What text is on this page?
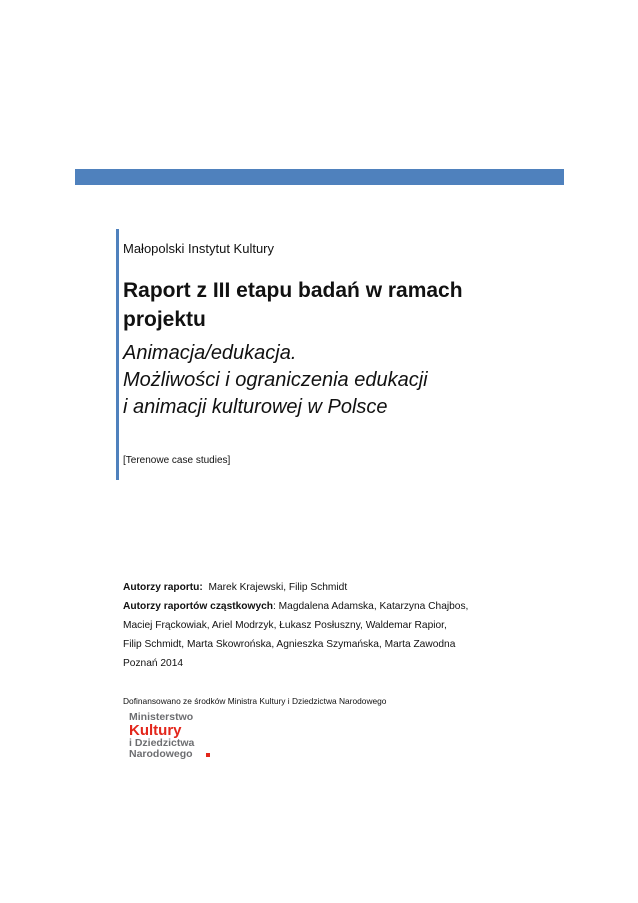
Małopolski Instytut Kultury
Raport z III etapu badań w ramach
projektu
Animacja/edukacja.
Możliwości i ograniczenia edukacji
i animacji kulturowej w Polsce
[Terenowe case studies]
Autorzy raportu: Marek Krajewski, Filip Schmidt
Autorzy raportów cząstkowych: Magdalena Adamska, Katarzyna Chajbos,
Maciej Frąckowiak, Ariel Modrzyk, Łukasz Posłuszny, Waldemar Rapior,
Filip Schmidt, Marta Skowrońska, Agnieszka Szymańska, Marta Zawodna
Poznań 2014
Dofinansowano ze środków Ministra Kultury i Dziedzictwa Narodowego
Ministerstwo
Kultury
i Dziedzictwa
Narodowego
